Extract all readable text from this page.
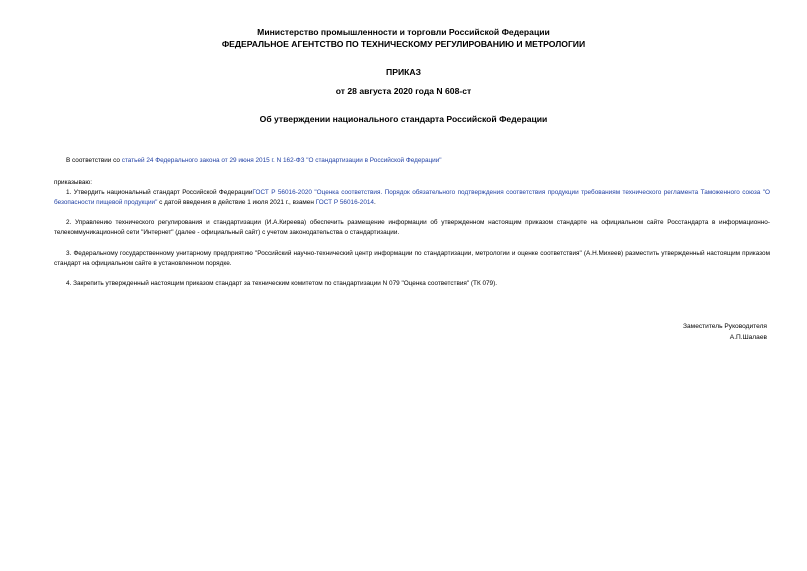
Министерство промышленности и торговли Российской Федерации
ФЕДЕРАЛЬНОЕ АГЕНТСТВО ПО ТЕХНИЧЕСКОМУ РЕГУЛИРОВАНИЮ И МЕТРОЛОГИИ
ПРИКАЗ
от 28 августа 2020 года N 608-ст
Об утверждении национального стандарта Российской Федерации
В соответствии со статьей 24 Федерального закона от 29 июня 2015 г. N 162-ФЗ "О стандартизации в Российской Федерации"
приказываю:
1. Утвердить национальный стандарт Российской ФедерацииГОСТ Р 56016-2020 "Оценка соответствия. Порядок обязательного подтверждения соответствия продукции требованиям технического регламента Таможенного союза "О безопасности пищевой продукции" с датой введения в действие 1 июля 2021 г., взамен ГОСТ Р 56016-2014.
2. Управлению технического регулирования и стандартизации (И.А.Киреева) обеспечить размещение информации об утвержденном настоящим приказом стандарте на официальном сайте Росстандарта в информационно-телекоммуникационной сети "Интернет" (далее - официальный сайт) с учетом законодательства о стандартизации.
3. Федеральному государственному унитарному предприятию "Российский научно-технический центр информации по стандартизации, метрологии и оценке соответствия" (А.Н.Михеев) разместить утвержденный настоящим приказом стандарт на официальном сайте в установленном порядке.
4. Закрепить утвержденный настоящим приказом стандарт за техническим комитетом по стандартизации N 079 "Оценка соответствия" (ТК 079).
Заместитель Руководителя
А.П.Шалаев
